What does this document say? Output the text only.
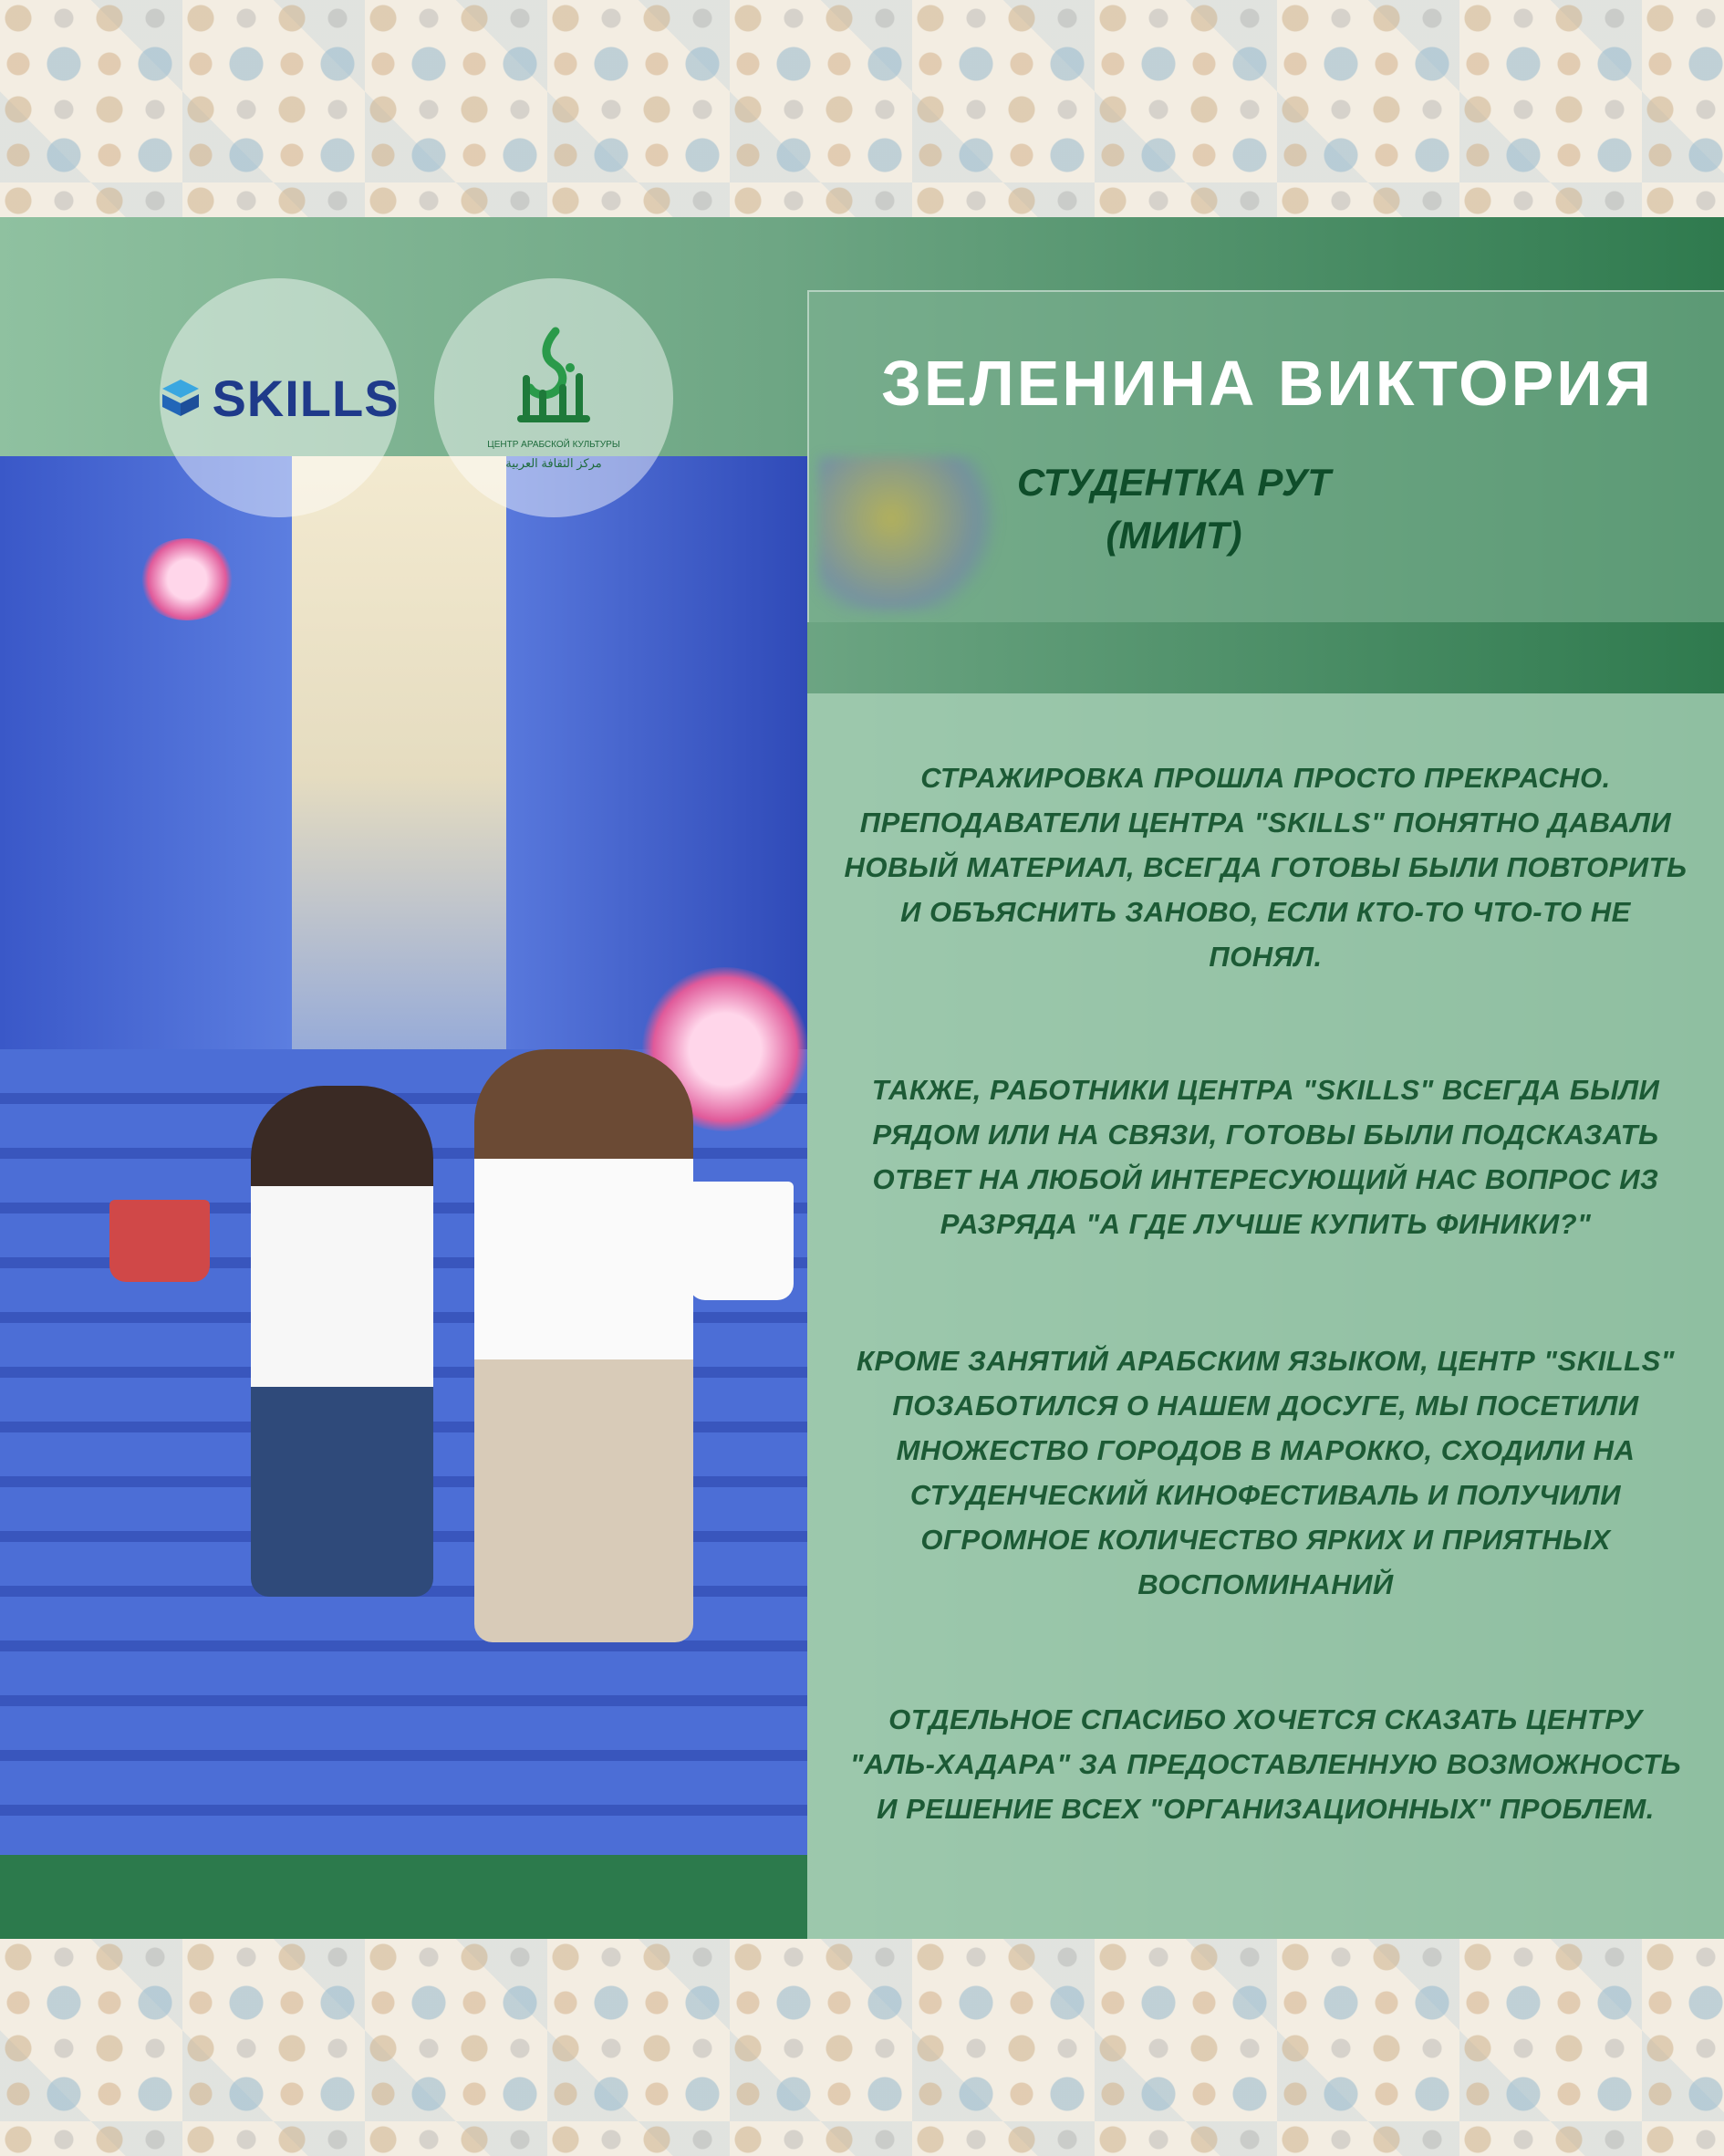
SKILLS
ЦЕНТР АРАБСКОЙ КУЛЬТУРЫ
مركز الثقافة العربية
ЗЕЛЕНИНА ВИКТОРИЯ
СТУДЕНТКА РУТ
(МИИТ)
СТРАЖИРОВКА ПРОШЛА ПРОСТО ПРЕКРАСНО. ПРЕПОДАВАТЕЛИ ЦЕНТРА "SKILLS" ПОНЯТНО ДАВАЛИ НОВЫЙ МАТЕРИАЛ, ВСЕГДА ГОТОВЫ БЫЛИ ПОВТОРИТЬ И ОБЪЯСНИТЬ ЗАНОВО, ЕСЛИ КТО-ТО ЧТО-ТО НЕ ПОНЯЛ.
ТАКЖЕ, РАБОТНИКИ ЦЕНТРА "SKILLS" ВСЕГДА БЫЛИ РЯДОМ ИЛИ НА СВЯЗИ, ГОТОВЫ БЫЛИ ПОДСКАЗАТЬ ОТВЕТ НА ЛЮБОЙ ИНТЕРЕСУЮЩИЙ НАС ВОПРОС ИЗ РАЗРЯДА "А ГДЕ ЛУЧШЕ КУПИТЬ ФИНИКИ?"
КРОМЕ ЗАНЯТИЙ АРАБСКИМ ЯЗЫКОМ, ЦЕНТР "SKILLS" ПОЗАБОТИЛСЯ О НАШЕМ ДОСУГЕ, МЫ ПОСЕТИЛИ МНОЖЕСТВО ГОРОДОВ В МАРОККО, СХОДИЛИ НА СТУДЕНЧЕСКИЙ КИНОФЕСТИВАЛЬ И ПОЛУЧИЛИ ОГРОМНОЕ КОЛИЧЕСТВО ЯРКИХ И ПРИЯТНЫХ ВОСПОМИНАНИЙ
ОТДЕЛЬНОЕ СПАСИБО ХОЧЕТСЯ СКАЗАТЬ ЦЕНТРУ "АЛЬ-ХАДАРА" ЗА ПРЕДОСТАВЛЕННУЮ ВОЗМОЖНОСТЬ И РЕШЕНИЕ ВСЕХ "ОРГАНИЗАЦИОННЫХ" ПРОБЛЕМ.
